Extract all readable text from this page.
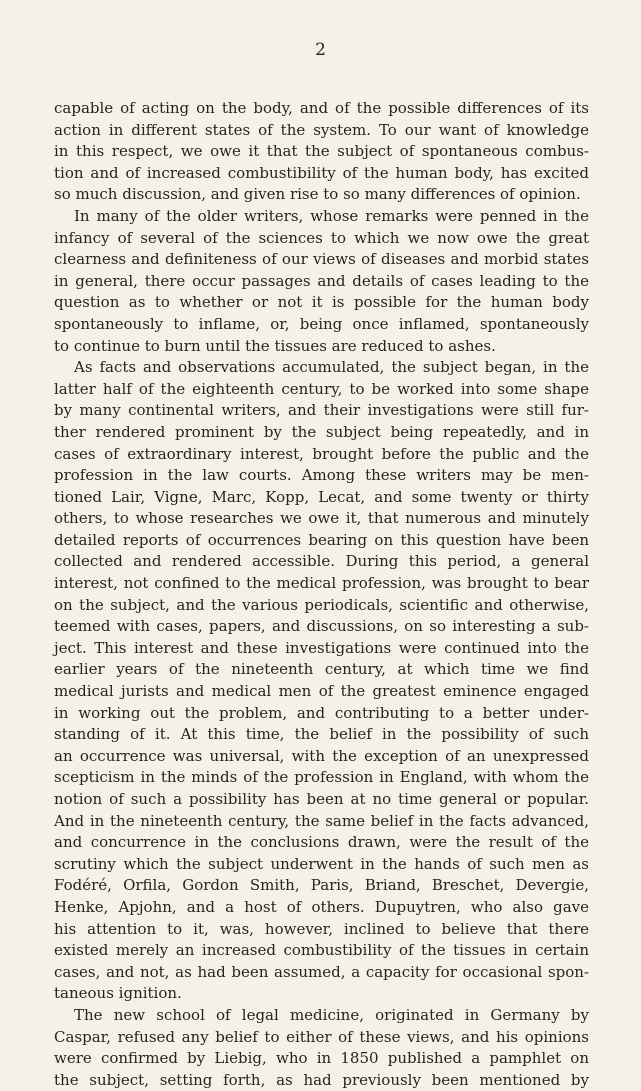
2
capable of acting on the body, and of the possible differences of its
action in different states of the system. To our want of knowledge
in this respect, we owe it that the subject of spontaneous combus-
tion and of increased combustibility of the human body, has excited
so much discussion, and given rise to so many differences of opinion.
In many of the older writers, whose remarks were penned in the
infancy of several of the sciences to which we now owe the great
clearness and definiteness of our views of diseases and morbid states
in general, there occur passages and details of cases leading to the
question as to whether or not it is possible for the human body
spontaneously to inflame, or, being once inflamed, spontaneously
to continue to burn until the tissues are reduced to ashes.
As facts and observations accumulated, the subject began, in the
latter half of the eighteenth century, to be worked into some shape
by many continental writers, and their investigations were still fur-
ther rendered prominent by the subject being repeatedly, and in
cases of extraordinary interest, brought before the public and the
profession in the law courts. Among these writers may be men-
tioned Lair, Vigne, Marc, Kopp, Lecat, and some twenty or thirty
others, to whose researches we owe it, that numerous and minutely
detailed reports of occurrences bearing on this question have been
collected and rendered accessible. During this period, a general
interest, not confined to the medical profession, was brought to bear
on the subject, and the various periodicals, scientific and otherwise,
teemed with cases, papers, and discussions, on so interesting a sub-
ject. This interest and these investigations were continued into the
earlier years of the nineteenth century, at which time we find
medical jurists and medical men of the greatest eminence engaged
in working out the problem, and contributing to a better under-
standing of it. At this time, the belief in the possibility of such
an occurrence was universal, with the exception of an unexpressed
scepticism in the minds of the profession in England, with whom the
notion of such a possibility has been at no time general or popular.
And in the nineteenth century, the same belief in the facts advanced,
and concurrence in the conclusions drawn, were the result of the
scrutiny which the subject underwent in the hands of such men as
Fodéré, Orfila, Gordon Smith, Paris, Briand, Breschet, Devergie,
Henke, Apjohn, and a host of others. Dupuytren, who also gave
his attention to it, was, however, inclined to believe that there
existed merely an increased combustibility of the tissues in certain
cases, and not, as had been assumed, a capacity for occasional spon-
taneous ignition.
The new school of legal medicine, originated in Germany by
Caspar, refused any belief to either of these views, and his opinions
were confirmed by Liebig, who in 1850 published a pamphlet on
the subject, setting forth, as had previously been mentioned by
